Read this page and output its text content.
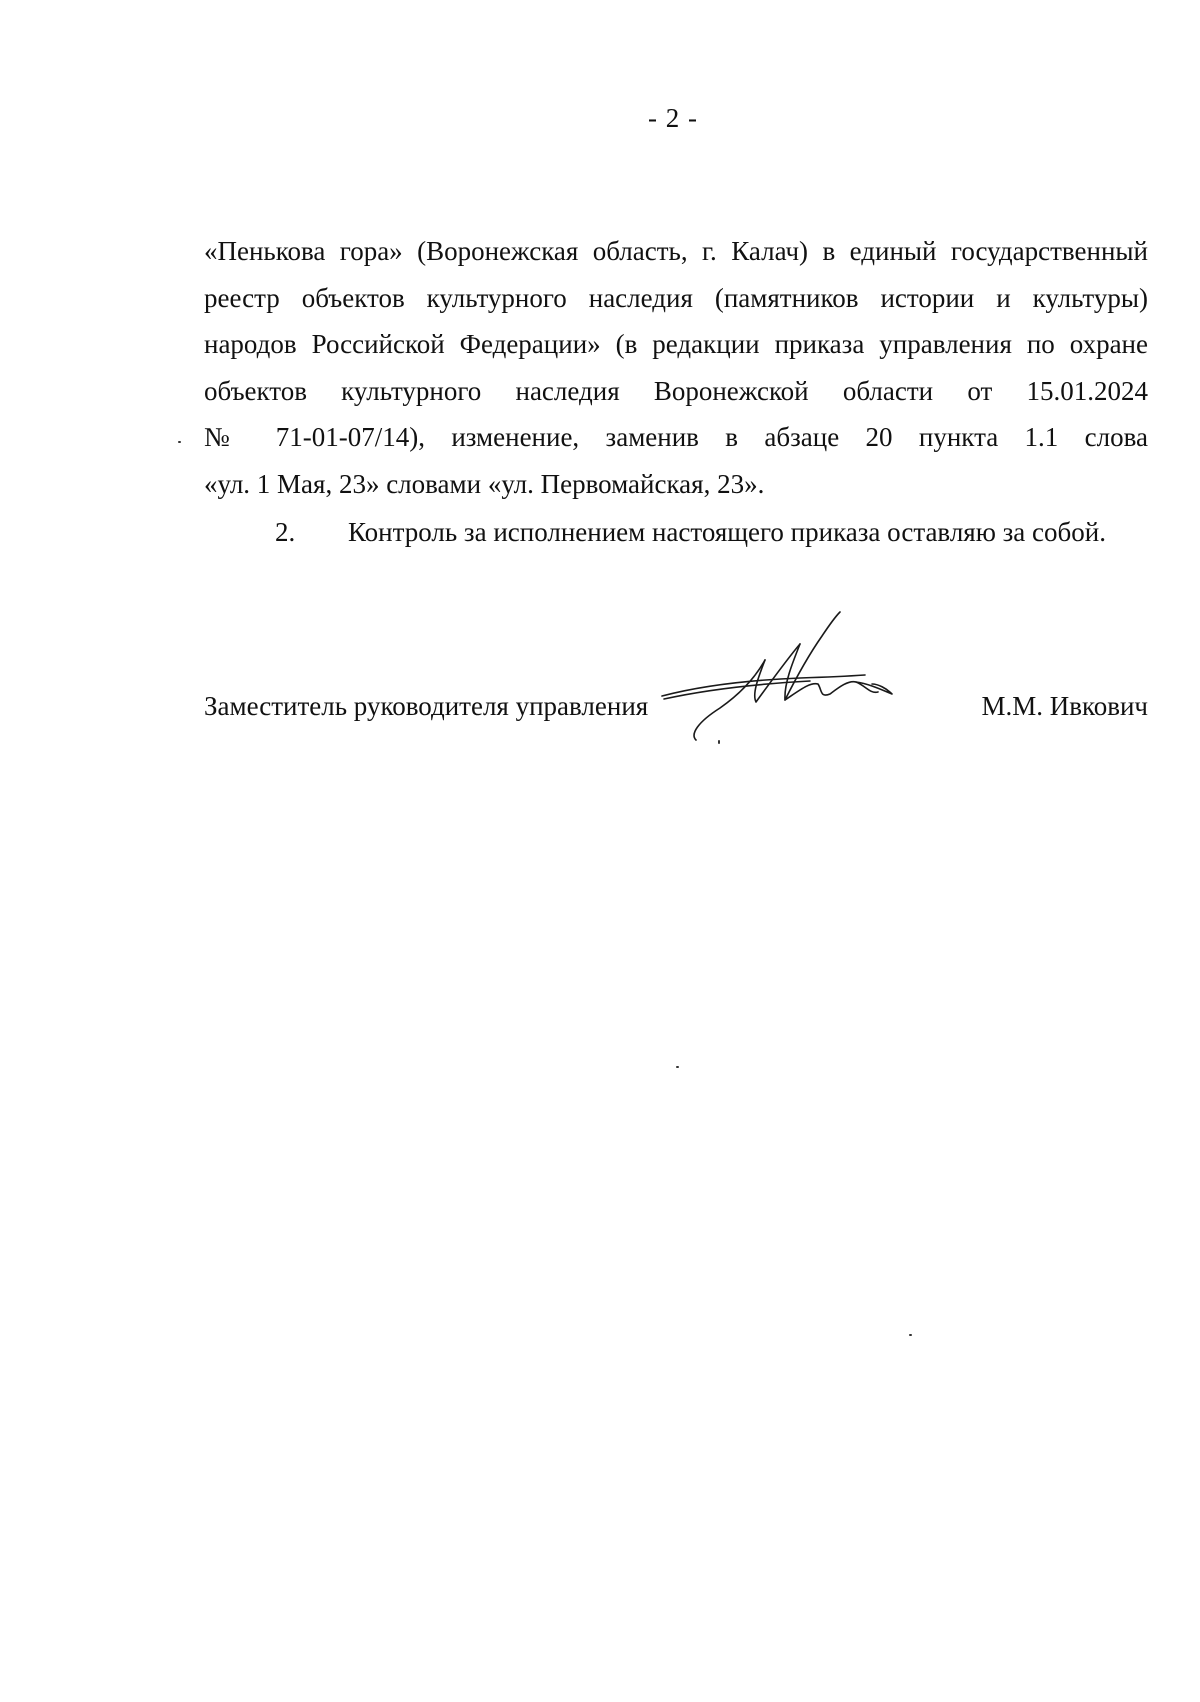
- 2 -
«Пенькова гора» (Воронежская область, г. Калач) в единый государственный
реестр объектов культурного наследия (памятников истории и культуры)
народов Российской Федерации» (в редакции приказа управления по охране
объектов культурного наследия Воронежской области от 15.01.2024
№ 71-01-07/14), изменение, заменив в абзаце 20 пункта 1.1 слова
«ул. 1 Мая, 23» словами «ул. Первомайская, 23».
2.	Контроль за исполнением настоящего приказа оставляю за собой.
Заместитель руководителя управления	М.М. Ивкович
